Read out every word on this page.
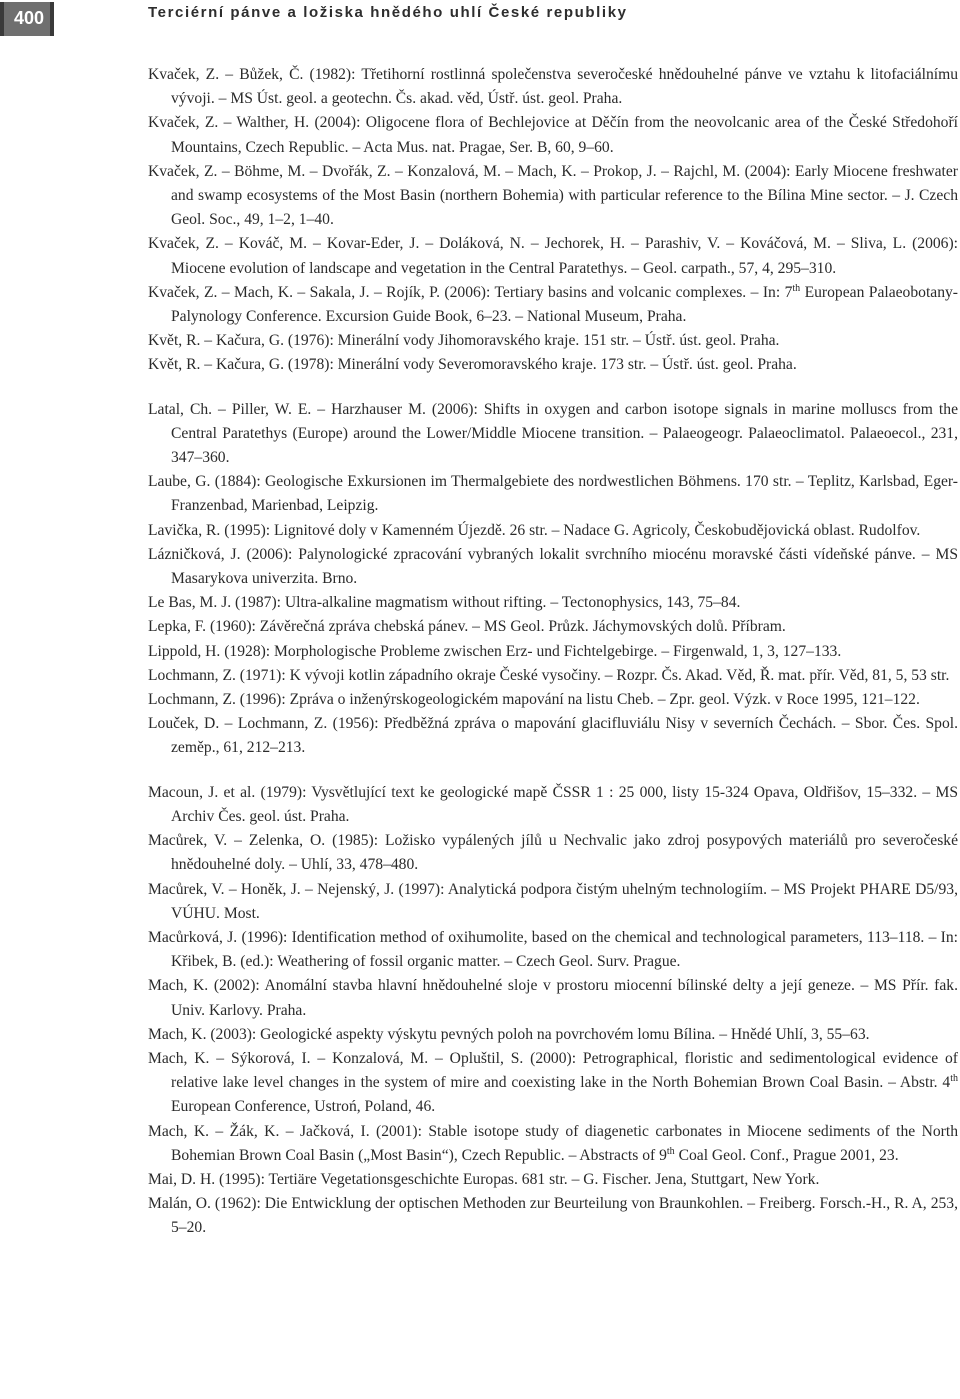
400	Terciérní pánve a ložiska hnědého uhlí České republiky

Kvaček, Z. – Bůžek, Č. (1982): Třetihorní rostlinná společenstva severočeské hnědouhelné pánve ve vztahu k litofaciálnímu vývoji. – MS Úst. geol. a geotechn. Čs. akad. věd, Ústř. úst. geol. Praha.

Kvaček, Z. – Walther, H. (2004): Oligocene flora of Bechlejovice at Děčín from the neovolcanic area of the České Středohoří Mountains, Czech Republic. – Acta Mus. nat. Pragae, Ser. B, 60, 9–60.

Kvaček, Z. – Böhme, M. – Dvořák, Z. – Konzalová, M. – Mach, K. – Prokop, J. – Rajchl, M. (2004): Early Miocene freshwater and swamp ecosystems of the Most Basin (northern Bohemia) with particular reference to the Bílina Mine sector. – J. Czech Geol. Soc., 49, 1–2, 1–40.

Kvaček, Z. – Kováč, M. – Kovar-Eder, J. – Doláková, N. – Jechorek, H. – Parashiv, V. – Kováčová, M. – Sliva, L. (2006): Miocene evolution of landscape and vegetation in the Central Paratethys. – Geol. carpath., 57, 4, 295–310.

Kvaček, Z. – Mach, K. – Sakala, J. – Rojík, P. (2006): Tertiary basins and volcanic complexes. – In: 7th European Palaeobotany-Palynology Conference. Excursion Guide Book, 6–23. – National Museum, Praha.

Květ, R. – Kačura, G. (1976): Minerální vody Jihomoravského kraje. 151 str. – Ústř. úst. geol. Praha.

Květ, R. – Kačura, G. (1978): Minerální vody Severomoravského kraje. 173 str. – Ústř. úst. geol. Praha.

Latal, Ch. – Piller, W. E. – Harzhauser M. (2006): Shifts in oxygen and carbon isotope signals in marine molluscs from the Central Paratethys (Europe) around the Lower/Middle Miocene transition. – Palaeogeogr. Palaeoclimatol. Palaeoecol., 231, 347–360.

Laube, G. (1884): Geologische Exkursionen im Thermalgebiete des nordwestlichen Böhmens. 170 str. – Teplitz, Karlsbad, Eger-Franzenbad, Marienbad, Leipzig.

Lavička, R. (1995): Lignitové doly v Kamenném Újezdě. 26 str. – Nadace G. Agricoly, Českobudějovická oblast. Rudolfov.

Lázničková, J. (2006): Palynologické zpracování vybraných lokalit svrchního miocénu moravské části vídeňské pánve. – MS Masarykova univerzita. Brno.

Le Bas, M. J. (1987): Ultra-alkaline magmatism without rifting. – Tectonophysics, 143, 75–84.

Lepka, F. (1960): Závěrečná zpráva chebská pánev. – MS Geol. Průzk. Jáchymovských dolů. Příbram.

Lippold, H. (1928): Morphologische Probleme zwischen Erz- und Fichtelgebirge. – Firgenwald, 1, 3, 127–133.

Lochmann, Z. (1971): K vývoji kotlin západního okraje České vysočiny. – Rozpr. Čs. Akad. Věd, Ř. mat. přír. Věd, 81, 5, 53 str.

Lochmann, Z. (1996): Zpráva o inženýrskogeologickém mapování na listu Cheb. – Zpr. geol. Výzk. v Roce 1995, 121–122.

Louček, D. – Lochmann, Z. (1956): Předběžná zpráva o mapování glacifluviálu Nisy v severních Čechách. – Sbor. Čes. Spol. zeměp., 61, 212–213.

Macoun, J. et al. (1979): Vysvětlující text ke geologické mapě ČSSR 1 : 25 000, listy 15-324 Opava, Oldřišov, 15–332. – MS Archiv Čes. geol. úst. Praha.

Macůrek, V. – Zelenka, O. (1985): Ložisko vypálených jílů u Nechvalic jako zdroj posypových materiálů pro severočeské hnědouhelné doly. – Uhlí, 33, 478–480.

Macůrek, V. – Honěk, J. – Nejenský, J. (1997): Analytická podpora čistým uhelným technologiím. – MS Projekt PHARE D5/93, VÚHU. Most.

Macůrková, J. (1996): Identification method of oxihumolite, based on the chemical and technological parameters, 113–118. – In: Křibek, B. (ed.): Weathering of fossil organic matter. – Czech Geol. Surv. Prague.

Mach, K. (2002): Anomální stavba hlavní hnědouhelné sloje v prostoru miocenní bílinské delty a její geneze. – MS Přír. fak. Univ. Karlovy. Praha.

Mach, K. (2003): Geologické aspekty výskytu pevných poloh na povrchovém lomu Bílina. – Hnědé Uhlí, 3, 55–63.

Mach, K. – Sýkorová, I. – Konzalová, M. – Opluštil, S. (2000): Petrographical, floristic and sedimentological evidence of relative lake level changes in the system of mire and coexisting lake in the North Bohemian Brown Coal Basin. – Abstr. 4th European Conference, Ustroń, Poland, 46.

Mach, K. – Žák, K. – Jačková, I. (2001): Stable isotope study of diagenetic carbonates in Miocene sediments of the North Bohemian Brown Coal Basin („Most Basin“), Czech Republic. – Abstracts of 9th Coal Geol. Conf., Prague 2001, 23.

Mai, D. H. (1995): Tertiäre Vegetationsgeschichte Europas. 681 str. – G. Fischer. Jena, Stuttgart, New York.

Malán, O. (1962): Die Entwicklung der optischen Methoden zur Beurteilung von Braunkohlen. – Freiberg. Forsch.-H., R. A, 253, 5–20.
